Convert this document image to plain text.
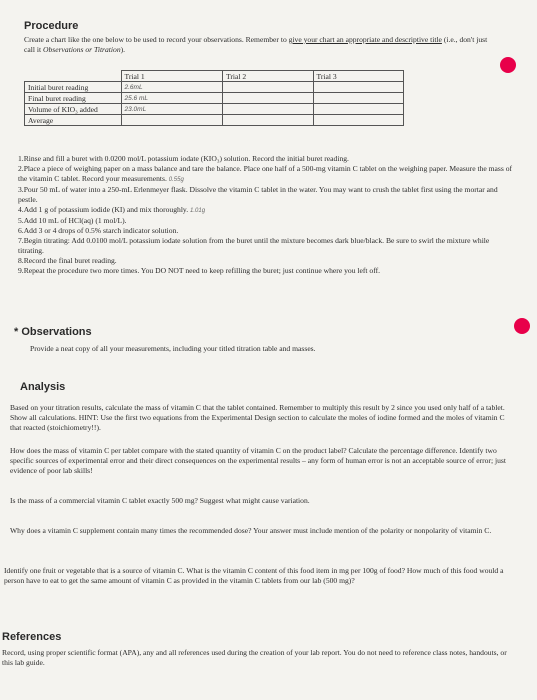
Procedure
Create a chart like the one below to be used to record your observations. Remember to give your chart an appropriate and descriptive title (i.e., don't just call it Observations or Titration).
	Trial 1	Trial 2	Trial 3
Initial buret reading	2.6mL		
Final buret reading	25.6 mL		
Volume of KIO₃ added	23.0mL		
Average			
1.Rinse and fill a buret with 0.0200 mol/L potassium iodate (KIO₃) solution. Record the initial buret reading.
2.Place a piece of weighing paper on a mass balance and tare the balance. Place one half of a 500-mg vitamin C tablet on the weighing paper. Measure the mass of the vitamin C tablet. Record your measurements. 0.55g
3.Pour 50 mL of water into a 250-mL Erlenmeyer flask. Dissolve the vitamin C tablet in the water. You may want to crush the tablet first using the mortar and pestle.
4.Add 1 g of potassium iodide (KI) and mix thoroughly. 1.01g
5.Add 10 mL of HCl(aq) (1 mol/L).
6.Add 3 or 4 drops of 0.5% starch indicator solution.
7.Begin titrating: Add 0.0100 mol/L potassium iodate solution from the buret until the mixture becomes dark blue/black. Be sure to swirl the mixture while titrating.
8.Record the final buret reading.
9.Repeat the procedure two more times. You DO NOT need to keep refilling the buret; just continue where you left off.
* Observations
Provide a neat copy of all your measurements, including your titled titration table and masses.
Analysis
Based on your titration results, calculate the mass of vitamin C that the tablet contained. Remember to multiply this result by 2 since you used only half of a tablet. Show all calculations. HINT: Use the first two equations from the Experimental Design section to calculate the moles of iodine formed and the moles of vitamin C that reacted (stoichiometry!!).
How does the mass of vitamin C per tablet compare with the stated quantity of vitamin C on the product label? Calculate the percentage difference. Identify two specific sources of experimental error and their direct consequences on the experimental results – any form of human error is not an acceptable source of error; just evidence of poor lab skills!
Is the mass of a commercial vitamin C tablet exactly 500 mg? Suggest what might cause variation.
Why does a vitamin C supplement contain many times the recommended dose? Your answer must include mention of the polarity or nonpolarity of vitamin C.
Identify one fruit or vegetable that is a source of vitamin C. What is the vitamin C content of this food item in mg per 100g of food? How much of this food would a person have to eat to get the same amount of vitamin C as provided in the vitamin C tablets from our lab (500 mg)?
References
Record, using proper scientific format (APA), any and all references used during the creation of your lab report. You do not need to reference class notes, handouts, or this lab guide.
